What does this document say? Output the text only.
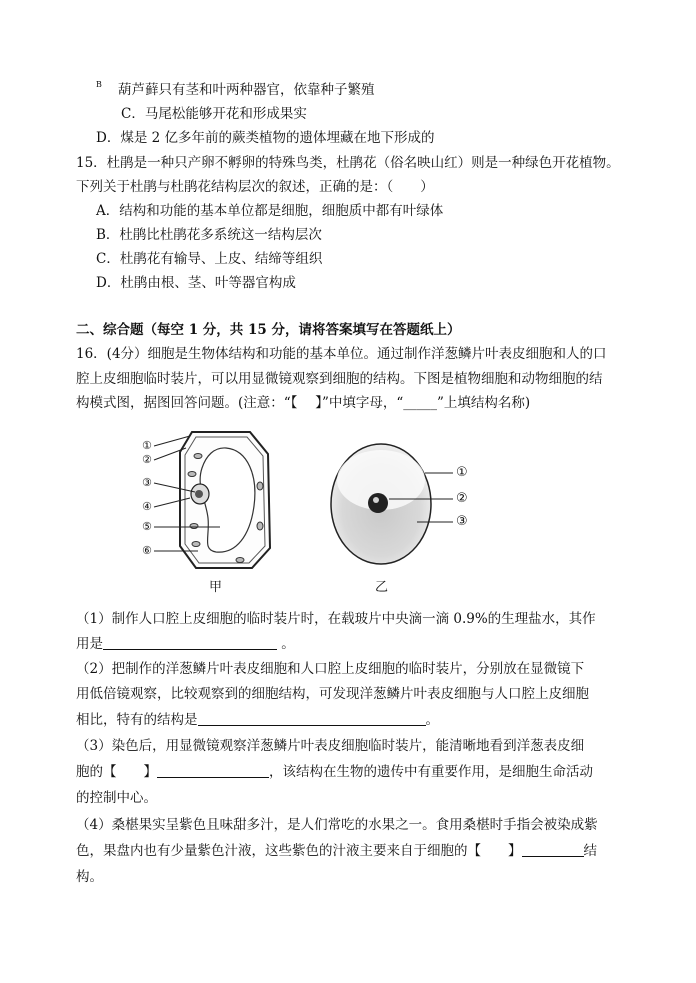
B 葫芦藓只有茎和叶两种器官，依靠种子繁殖
C．马尾松能够开花和形成果实
D．煤是 2 亿多年前的蕨类植物的遗体埋藏在地下形成的
15．杜鹃是一种只产卵不孵卵的特殊鸟类，杜鹃花（俗名映山红）则是一种绿色开花植物。
下列关于杜鹃与杜鹃花结构层次的叙述，正确的是：（　　）
A．结构和功能的基本单位都是细胞，细胞质中都有叶绿体
B．杜鹃比杜鹃花多系统这一结构层次
C．杜鹃花有输导、上皮、结缔等组织
D．杜鹃由根、茎、叶等器官构成
二、综合题（每空 1 分，共 15 分，请将答案填写在答题纸上）
16．(4分）细胞是生物体结构和功能的基本单位。通过制作洋葱鳞片叶表皮细胞和人的口
腔上皮细胞临时装片，可以用显微镜观察到细胞的结构。下图是植物细胞和动物细胞的结
构模式图，据图回答问题。(注意：“【　 】”中填字母，“_____”上填结构名称)
①
②
③
④
⑤
⑥
甲
①
②
③
乙
（1）制作人口腔上皮细胞的临时装片时，在载玻片中央滴一滴 0.9%的生理盐水，其作
用是	。
（2）把制作的洋葱鳞片叶表皮细胞和人口腔上皮细胞的临时装片，分别放在显微镜下
用低倍镜观察，比较观察到的细胞结构，可发现洋葱鳞片叶表皮细胞与人口腔上皮细胞
相比，特有的结构是	。
（3）染色后，用显微镜观察洋葱鳞片叶表皮细胞临时装片，能清晰地看到洋葱表皮细
胞的【　　】	，该结构在生物的遗传中有重要作用，是细胞生命活动
的控制中心。
（4）桑椹果实呈紫色且味甜多汁，是人们常吃的水果之一。食用桑椹时手指会被染成紫
色，果盘内也有少量紫色汁液，这些紫色的汁液主要来自于细胞的【　　】	结
构。
